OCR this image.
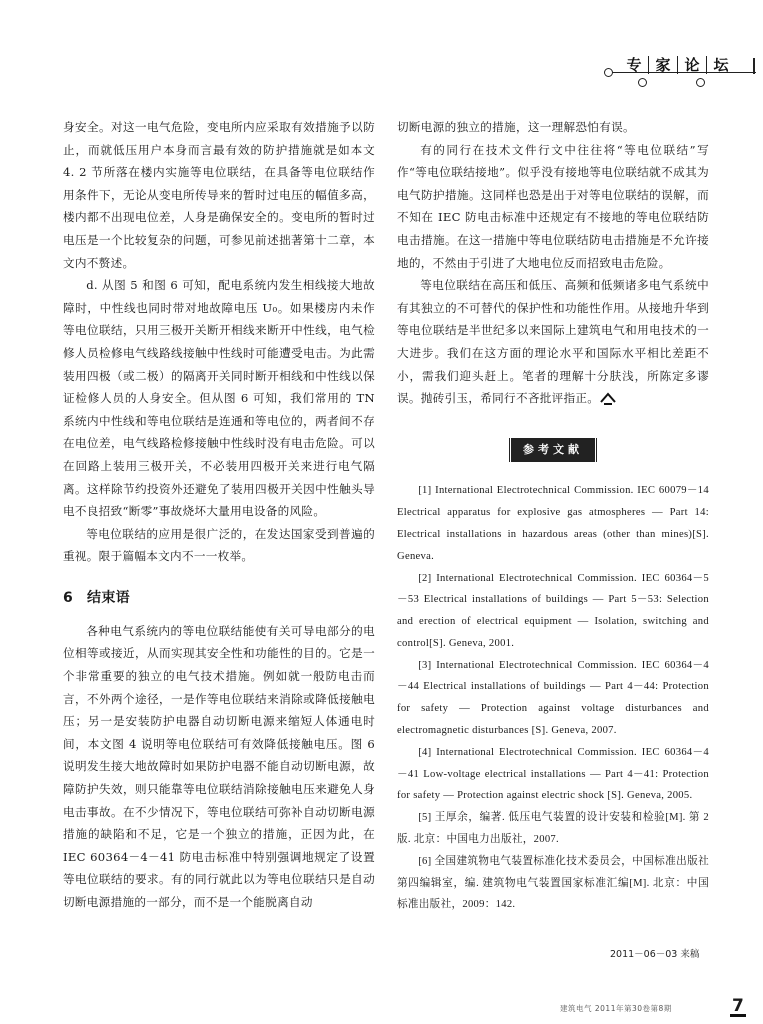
专 家 论 坛

身安全。对这一电气危险，变电所内应采取有效措施予以防止，而就低压用户本身而言最有效的防护措施就是如本文 4. 2 节所落在楼内实施等电位联结，在具备等电位联结作用条件下，无论从变电所传导来的暂时过电压的幅值多高，楼内都不出现电位差，人身是确保安全的。变电所的暂时过电压是一个比较复杂的问题，可参见前述拙著第十二章，本文内不赘述。

d. 从图 5 和图 6 可知，配电系统内发生相线接大地故障时，中性线也同时带对地故障电压 U₀。如果楼房内未作等电位联结，只用三极开关断开相线来断开中性线，电气检修人员检修电气线路线接触中性线时可能遭受电击。为此需装用四极（或二极）的隔离开关同时断开相线和中性线以保证检修人员的人身安全。但从图 6 可知，我们常用的 TN 系统内中性线和等电位联结是连通和等电位的，两者间不存在电位差，电气线路检修接触中性线时没有电击危险。可以在回路上装用三极开关，不必装用四极开关来进行电气隔离。这样除节约投资外还避免了装用四极开关因中性触头导电不良招致“断零”事故烧坏大量用电设备的风险。

等电位联结的应用是很广泛的，在发达国家受到普遍的重视。限于篇幅本文内不一一枚举。

6 结束语

各种电气系统内的等电位联结能使有关可导电部分的电位相等或接近，从而实现其安全性和功能性的目的。它是一个非常重要的独立的电气技术措施。例如就一般防电击而言，不外两个途径，一是作等电位联结来消除或降低接触电压；另一是安装防护电器自动切断电源来缩短人体通电时间，本文图 4 说明等电位联结可有效降低接触电压。图 6 说明发生接大地故障时如果防护电器不能自动切断电源，故障防护失效，则只能靠等电位联结消除接触电压来避免人身电击事故。在不少情况下，等电位联结可弥补自动切断电源措施的缺陷和不足，它是一个独立的措施，正因为此，在 IEC 60364－4－41 防电击标准中特别强调地规定了设置等电位联结的要求。有的同行就此以为等电位联结只是自动切断电源措施的一部分，而不是一个能脱离自动

切断电源的独立的措施，这一理解恐怕有误。

有的同行在技术文件行文中往往将“等电位联结”写作“等电位联结接地”。似乎没有接地等电位联结就不成其为电气防护措施。这同样也恐是出于对等电位联结的误解，而不知在 IEC 防电击标准中还规定有不接地的等电位联结防电击措施。在这一措施中等电位联结防电击措施是不允许接地的，不然由于引进了大地电位反而招致电击危险。

等电位联结在高压和低压、高频和低频诸多电气系统中有其独立的不可替代的保护性和功能性作用。从接地升华到等电位联结是半世纪多以来国际上建筑电气和用电技术的一大进步。我们在这方面的理论水平和国际水平相比差距不小，需我们迎头赶上。笔者的理解十分肤浅，所陈定多谬误。抛砖引玉，希同行不吝批评指正。

参考文献

[1] International Electrotechnical Commission. IEC 60079－14 Electrical apparatus for explosive gas atmospheres — Part 14: Electrical installations in hazardous areas (other than mines)[S]. Geneva.

[2] International Electrotechnical Commission. IEC 60364－5－53 Electrical installations of buildings — Part 5－53: Selection and erection of electrical equipment — Isolation, switching and control[S]. Geneva, 2001.

[3] International Electrotechnical Commission. IEC 60364－4－44 Electrical installations of buildings — Part 4－44: Protection for safety — Protection against voltage disturbances and electromagnetic disturbances [S]. Geneva, 2007.

[4] International Electrotechnical Commission. IEC 60364－4－41 Low-voltage electrical installations — Part 4－41: Protection for safety — Protection against electric shock [S]. Geneva, 2005.

[5] 王厚余，编著. 低压电气装置的设计安装和检验[M]. 第 2 版. 北京：中国电力出版社，2007.

[6] 全国建筑物电气装置标准化技术委员会，中国标准出版社第四编辑室，编. 建筑物电气装置国家标准汇编[M]. 北京：中国标准出版社，2009：142.

2011－06－03 来稿
建筑电气 2011年第30卷第8期	7
